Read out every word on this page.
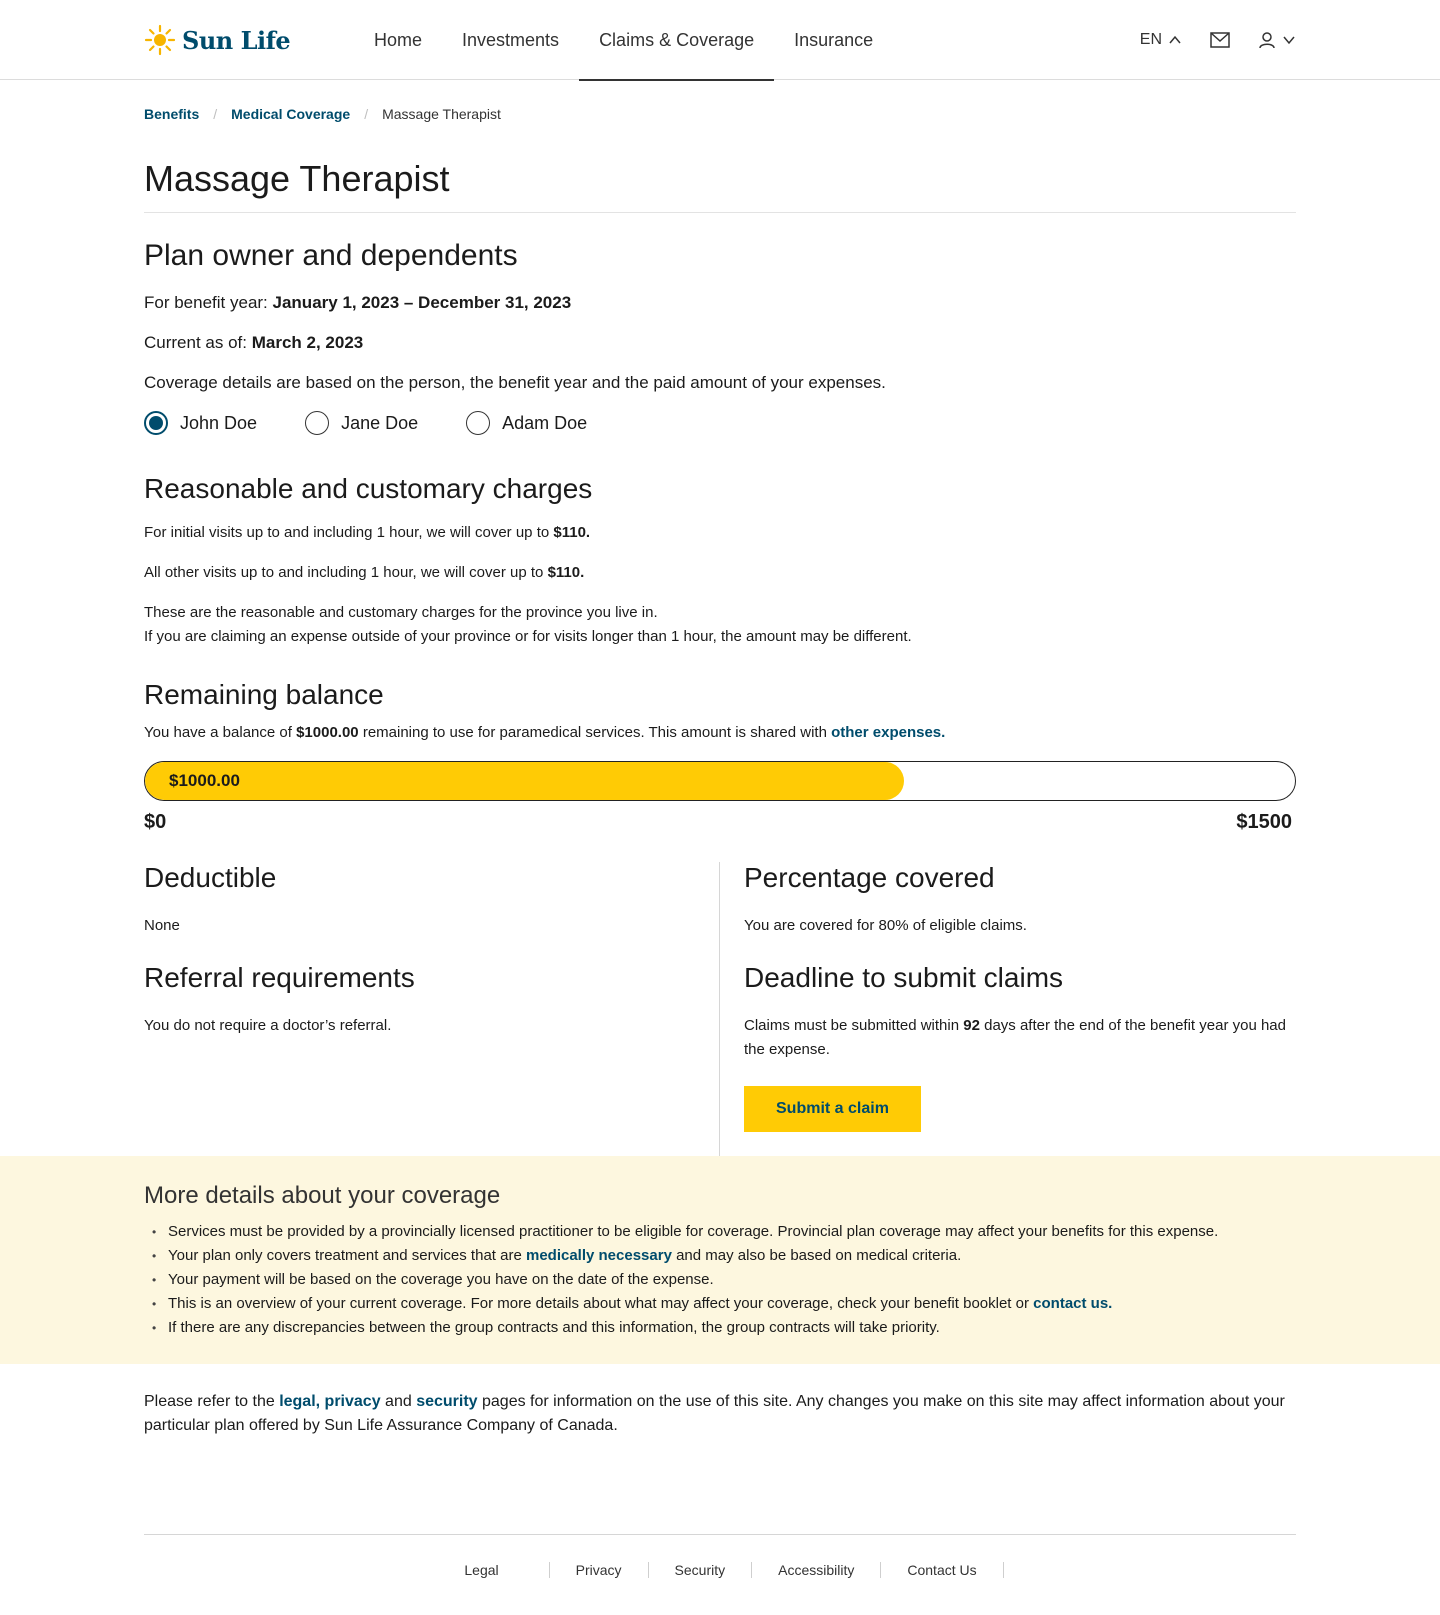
Sun Life	Home	Investments	Claims & Coverage	Insurance	EN
Benefits / Medical Coverage / Massage Therapist
Massage Therapist
Plan owner and dependents

For benefit year: January 1, 2023 – December 31, 2023

Current as of: March 2, 2023

Coverage details are based on the person, the benefit year and the paid amount of your expenses.

John Doe	Jane Doe	Adam Doe
Reasonable and customary charges

For initial visits up to and including 1 hour, we will cover up to $110.

All other visits up to and including 1 hour, we will cover up to $110.

These are the reasonable and customary charges for the province you live in.
If you are claiming an expense outside of your province or for visits longer than 1 hour, the amount may be different.

Remaining balance

You have a balance of $1000.00 remaining to use for paramedical services. This amount is shared with other expenses.

$1000.00
$0	$1500
Deductible

None

Percentage covered

You are covered for 80% of eligible claims.

Referral requirements

You do not require a doctor’s referral.

Deadline to submit claims

Claims must be submitted within 92 days after the end of the benefit year you had the expense.

Submit a claim
More details about your coverage
• Services must be provided by a provincially licensed practitioner to be eligible for coverage. Provincial plan coverage may affect your benefits for this expense.
• Your plan only covers treatment and services that are medically necessary and may also be based on medical criteria.
• Your payment will be based on the coverage you have on the date of the expense.
• This is an overview of your current coverage. For more details about what may affect your coverage, check your benefit booklet or contact us.
• If there are any discrepancies between the group contracts and this information, the group contracts will take priority.

Please refer to the legal, privacy and security pages for information on the use of this site. Any changes you make on this site may affect information about your particular plan offered by Sun Life Assurance Company of Canada.

Legal	Privacy	Security	Accessibility	Contact Us
